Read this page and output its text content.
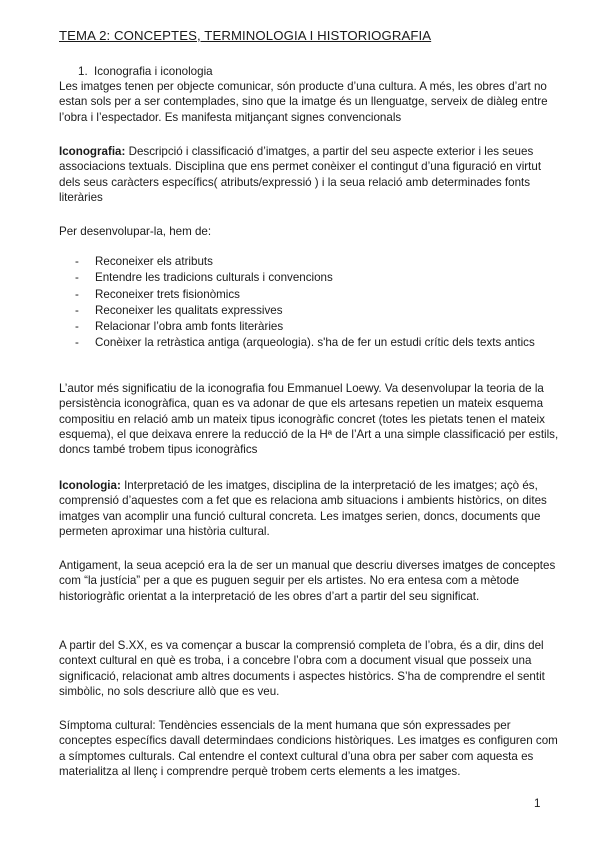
TEMA 2: CONCEPTES, TERMINOLOGIA I HISTORIOGRAFIA
1. Iconografia i iconologia

Les imatges tenen per objecte comunicar, són producte d’una cultura. A més, les obres d’art no estan sols per a ser contemplades, sino que la imatge és un llenguatge, serveix de diàleg entre l’obra i l’espectador. Es manifesta mitjançant signes convencionals

Iconografia: Descripció i classificació d’imatges, a partir del seu aspecte exterior i les seues associacions textuals. Disciplina que ens permet conèixer el contingut d’una figuració en virtut dels seus caràcters específics( atributs/expressió ) i la seua relació amb determinades fonts literàries

Per desenvolupar-la, hem de:

- Reconeixer els atributs
- Entendre les tradicions culturals i convencions
- Reconeixer trets fisionòmics
- Reconeixer les qualitats expressives
- Relacionar l’obra amb fonts literàries
- Conèixer la retràstica antiga (arqueologia). s'ha de fer un estudi crític dels texts antics

L’autor més significatiu de la iconografia fou Emmanuel Loewy. Va desenvolupar la teoria de la persistència iconogràfica, quan es va adonar de que els artesans repetien un mateix esquema compositiu en relació amb un mateix tipus iconogràfic concret (totes les pietats tenen el mateix esquema), el que deixava enrere la reducció de la Hª de l’Art a una simple classificació per estils, doncs també trobem tipus iconogràfics

Iconologia: Interpretació de les imatges, disciplina de la interpretació de les imatges; açò és, comprensió d’aquestes com a fet que es relaciona amb situacions i ambients històrics, on dites imatges van acomplir una funció cultural concreta. Les imatges serien, doncs, documents que permeten aproximar una història cultural.

Antigament, la seua acepció era la de ser un manual que descriu diverses imatges de conceptes com “la justícia” per a que es puguen seguir per els artistes. No era entesa com a mètode historiogràfic orientat a la interpretació de les obres d’art a partir del seu significat.

A partir del S.XX, es va començar a buscar la comprensió completa de l’obra, és a dir, dins del context cultural en què es troba, i a concebre l’obra com a document visual que posseix una significació, relacionat amb altres documents i aspectes històrics. S’ha de comprendre el sentit simbòlic, no sols descriure allò que es veu.

Símptoma cultural: Tendències essencials de la ment humana que són expressades per conceptes específics davall determindaes condicions històriques. Les imatges es configuren com a símptomes culturals. Cal entendre el context cultural d’una obra per saber com aquesta es materialitza al llenç i comprendre perquè trobem certs elements a les imatges.

1
